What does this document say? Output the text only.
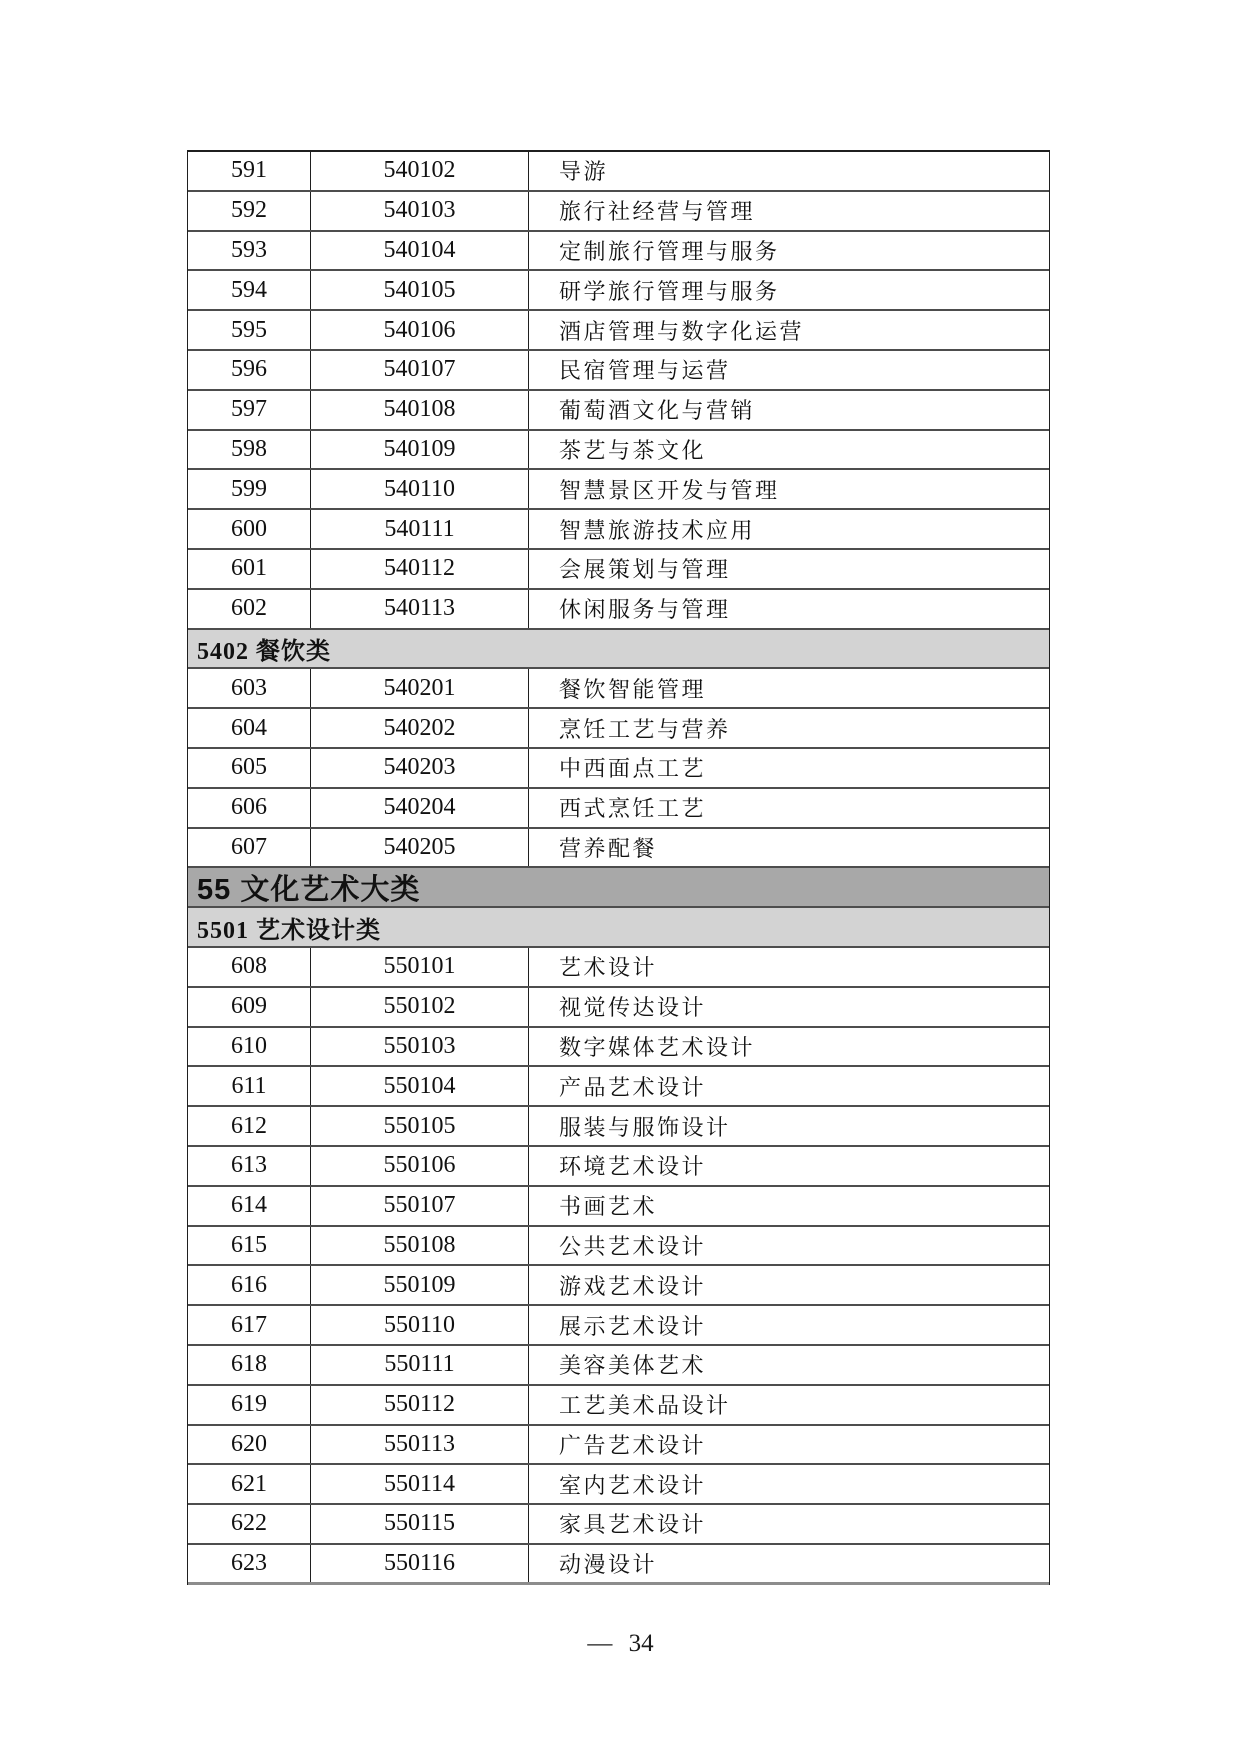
591	540102	导游
592	540103	旅行社经营与管理
593	540104	定制旅行管理与服务
594	540105	研学旅行管理与服务
595	540106	酒店管理与数字化运营
596	540107	民宿管理与运营
597	540108	葡萄酒文化与营销
598	540109	茶艺与茶文化
599	540110	智慧景区开发与管理
600	540111	智慧旅游技术应用
601	540112	会展策划与管理
602	540113	休闲服务与管理
5402 餐饮类
603	540201	餐饮智能管理
604	540202	烹饪工艺与营养
605	540203	中西面点工艺
606	540204	西式烹饪工艺
607	540205	营养配餐
55 文化艺术大类
5501 艺术设计类
608	550101	艺术设计
609	550102	视觉传达设计
610	550103	数字媒体艺术设计
611	550104	产品艺术设计
612	550105	服装与服饰设计
613	550106	环境艺术设计
614	550107	书画艺术
615	550108	公共艺术设计
616	550109	游戏艺术设计
617	550110	展示艺术设计
618	550111	美容美体艺术
619	550112	工艺美术品设计
620	550113	广告艺术设计
621	550114	室内艺术设计
622	550115	家具艺术设计
623	550116	动漫设计
— 34
